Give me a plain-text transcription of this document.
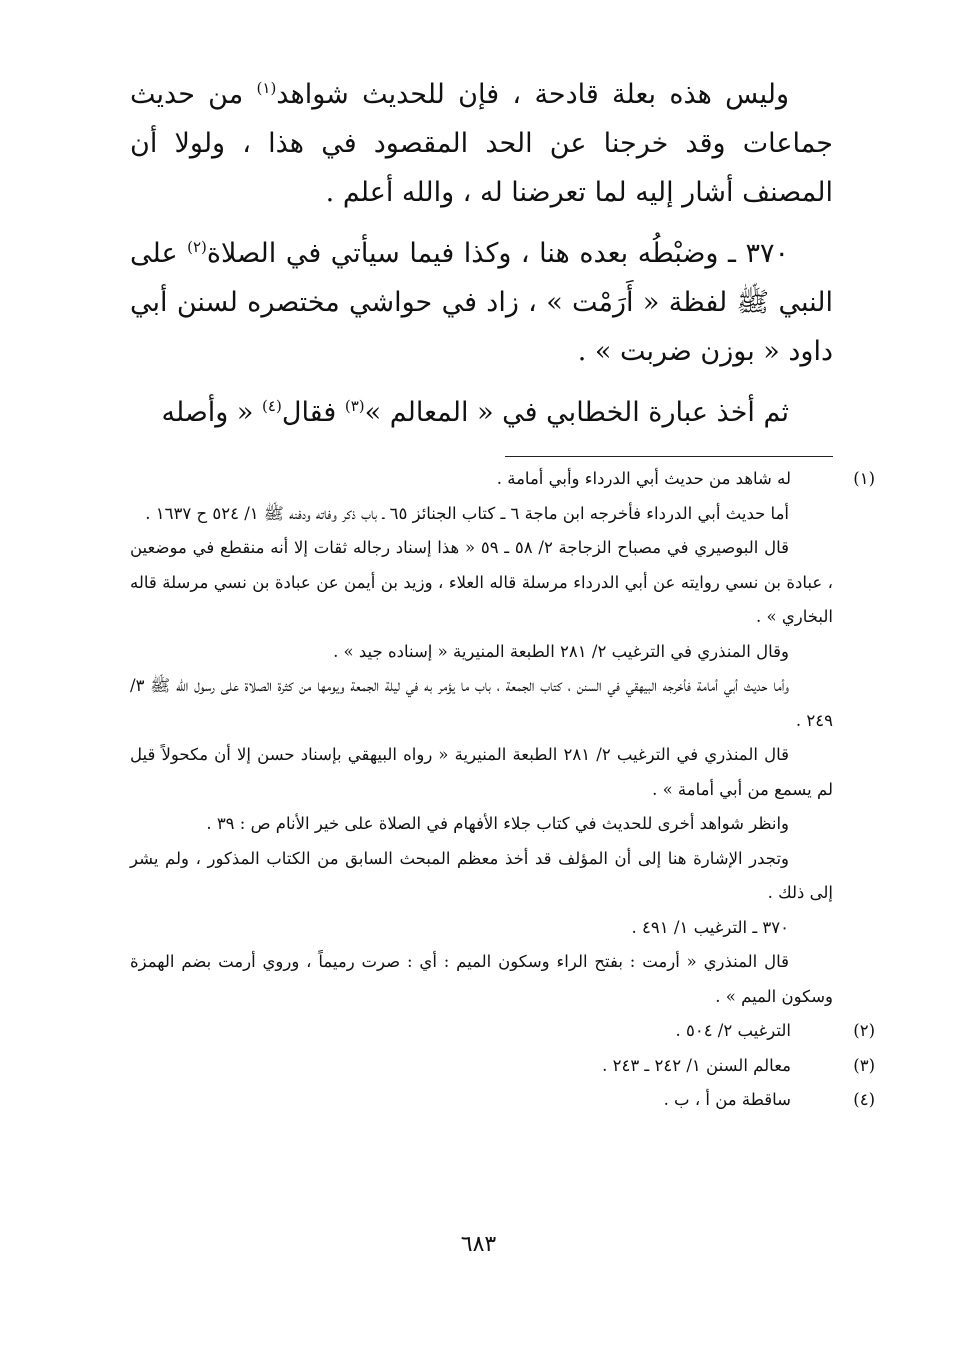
وليس هذه بعلة قادحة ، فإن للحديث شواهد$^{(١)}$ من حديث جماعات وقد خرجنا عن الحد المقصود في هذا ، ولولا أن المصنف أشار إليه لما تعرضنا له ، والله أعلم .

٣٧٠ ـ وضبْطُه بعده هنا ، وكذا فيما سيأتي في الصلاة$^{(٢)}$ على النبي ﷺ لفظة « أَرَمْت » ، زاد في حواشي مختصره لسنن أبي داود « بوزن ضربت » .

ثم أخذ عبارة الخطابي في « المعالم »$^{(٣)}$ فقال$^{(٤)}$ « وأصله

(١)له شاهد من حديث أبي الدرداء وأبي أمامة .

أما حديث أبي الدرداء فأخرجه ابن ماجة ٦ ـ كتاب الجنائز ٦٥ ـ باب ذكر وفاته ودفنه ﷺ ١/ ٥٢٤ ح ١٦٣٧ .

قال البوصيري في مصباح الزجاجة ٢/ ٥٨ ـ ٥٩ « هذا إسناد رجاله ثقات إلا أنه منقطع في موضعين ، عبادة بن نسي روايته عن أبي الدرداء مرسلة قاله العلاء ، وزيد بن أيمن عن عبادة بن نسي مرسلة قاله البخاري » .

وقال المنذري في الترغيب ٢/ ٢٨١ الطبعة المنيرية « إسناده جيد » .

وأما حديث أبي أمامة فأخرجه البيهقي في السنن ، كتاب الجمعة ، باب ما يؤمر به في ليلة الجمعة ويومها من كثرة الصلاة على رسول الله ﷺ ٣/ ٢٤٩ .

قال المنذري في الترغيب ٢/ ٢٨١ الطبعة المنيرية « رواه البيهقي بإسناد حسن إلا أن مكحولاً قيل لم يسمع من أبي أمامة » .

وانظر شواهد أخرى للحديث في كتاب جلاء الأفهام في الصلاة على خير الأنام ص : ٣٩ .

وتجدر الإشارة هنا إلى أن المؤلف قد أخذ معظم المبحث السابق من الكتاب المذكور ، ولم يشر إلى ذلك .

٣٧٠ ـ الترغيب ١/ ٤٩١ .

قال المنذري « أرمت : بفتح الراء وسكون الميم : أي : صرت رميماً ، وروي أرمت بضم الهمزة وسكون الميم » .

(٢)الترغيب ٢/ ٥٠٤ .

(٣)معالم السنن ١/ ٢٤٢ ـ ٢٤٣ .

(٤)ساقطة من أ ، ب .

٦٨٣
